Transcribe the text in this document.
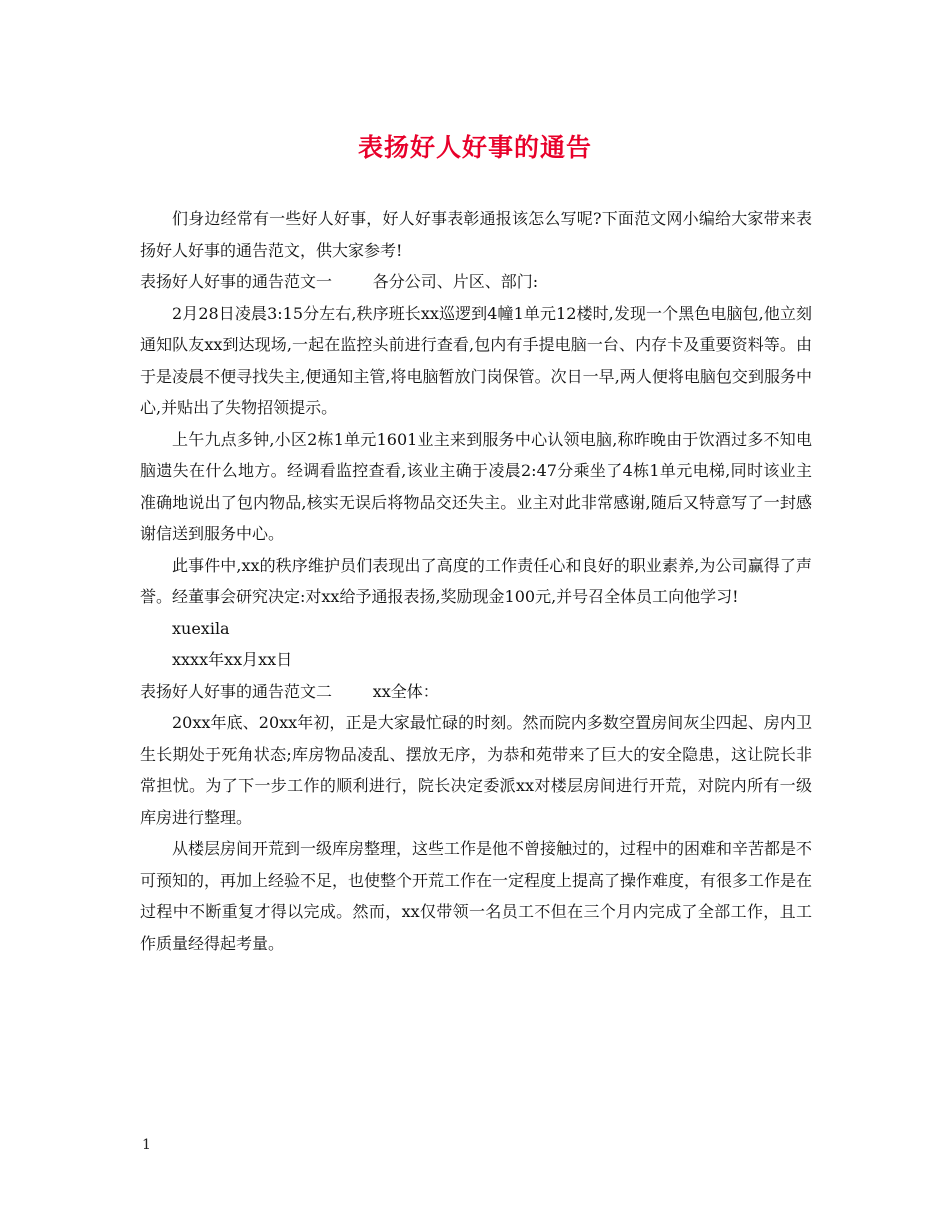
表扬好人好事的通告

们身边经常有一些好人好事，好人好事表彰通报该怎么写呢?下面范文网小编给大家带来表扬好人好事的通告范文，供大家参考!

表扬好人好事的通告范文一	各分公司、片区、部门:

2月28日凌晨3:15分左右,秩序班长xx巡逻到4幢1单元12楼时,发现一个黑色电脑包,他立刻通知队友xx到达现场,一起在监控头前进行查看,包内有手提电脑一台、内存卡及重要资料等。由于是凌晨不便寻找失主,便通知主管,将电脑暂放门岗保管。次日一早,两人便将电脑包交到服务中心,并贴出了失物招领提示。

上午九点多钟,小区2栋1单元1601业主来到服务中心认领电脑,称昨晚由于饮酒过多不知电脑遗失在什么地方。经调看监控查看,该业主确于凌晨2:47分乘坐了4栋1单元电梯,同时该业主准确地说出了包内物品,核实无误后将物品交还失主。业主对此非常感谢,随后又特意写了一封感谢信送到服务中心。

此事件中,xx的秩序维护员们表现出了高度的工作责任心和良好的职业素养,为公司赢得了声誉。经董事会研究决定:对xx给予通报表扬,奖励现金100元,并号召全体员工向他学习!

xuexila

xxxx年xx月xx日

表扬好人好事的通告范文二	xx全体：

20xx年底、20xx年初，正是大家最忙碌的时刻。然而院内多数空置房间灰尘四起、房内卫生长期处于死角状态;库房物品凌乱、摆放无序，为恭和苑带来了巨大的安全隐患，这让院长非常担忧。为了下一步工作的顺利进行，院长决定委派xx对楼层房间进行开荒，对院内所有一级库房进行整理。

从楼层房间开荒到一级库房整理，这些工作是他不曾接触过的，过程中的困难和辛苦都是不可预知的，再加上经验不足，也使整个开荒工作在一定程度上提高了操作难度，有很多工作是在过程中不断重复才得以完成。然而，xx仅带领一名员工不但在三个月内完成了全部工作，且工作质量经得起考量。

1
